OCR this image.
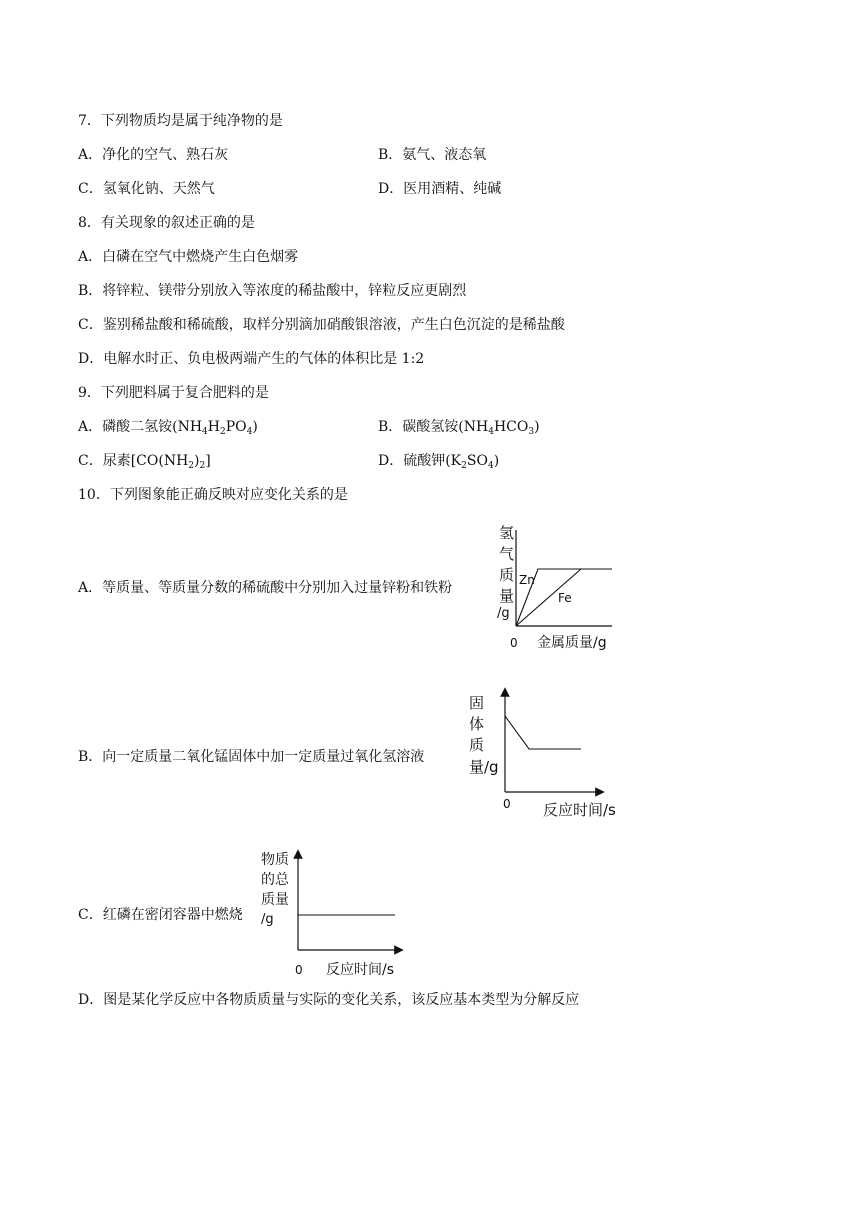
7．下列物质均是属于纯净物的是
A．净化的空气、熟石灰	B．氨气、液态氧
C．氢氧化钠、天然气	D．医用酒精、纯碱
8．有关现象的叙述正确的是
A．白磷在空气中燃烧产生白色烟雾
B．将锌粒、镁带分别放入等浓度的稀盐酸中，锌粒反应更剧烈
C．鉴别稀盐酸和稀硫酸，取样分别滴加硝酸银溶液，产生白色沉淀的是稀盐酸
D．电解水时正、负电极两端产生的气体的体积比是 1:2
9．下列肥料属于复合肥料的是
A．磷酸二氢铵$(NH_4H_2PO_4)$	B．碳酸氢铵$(NH_4HCO_3)$
C．尿素$[CO(NH_2)_2]$	D．硫酸钾$(K_2SO_4)$
10．下列图象能正确反映对应变化关系的是
A．等质量、等质量分数的稀硫酸中分别加入过量锌粉和铁粉
B．向一定质量二氧化锰固体中加一定质量过氧化氢溶液
C．红磷在密闭容器中燃烧
D．图是某化学反应中各物质质量与实际的变化关系，该反应基本类型为分解反应
氢
气
质
量
/g
Zn
Fe
0 金属质量/g
固
体
质
量/g
0 反应时间/s
物质
的总
质量
/g
0 反应时间/s
